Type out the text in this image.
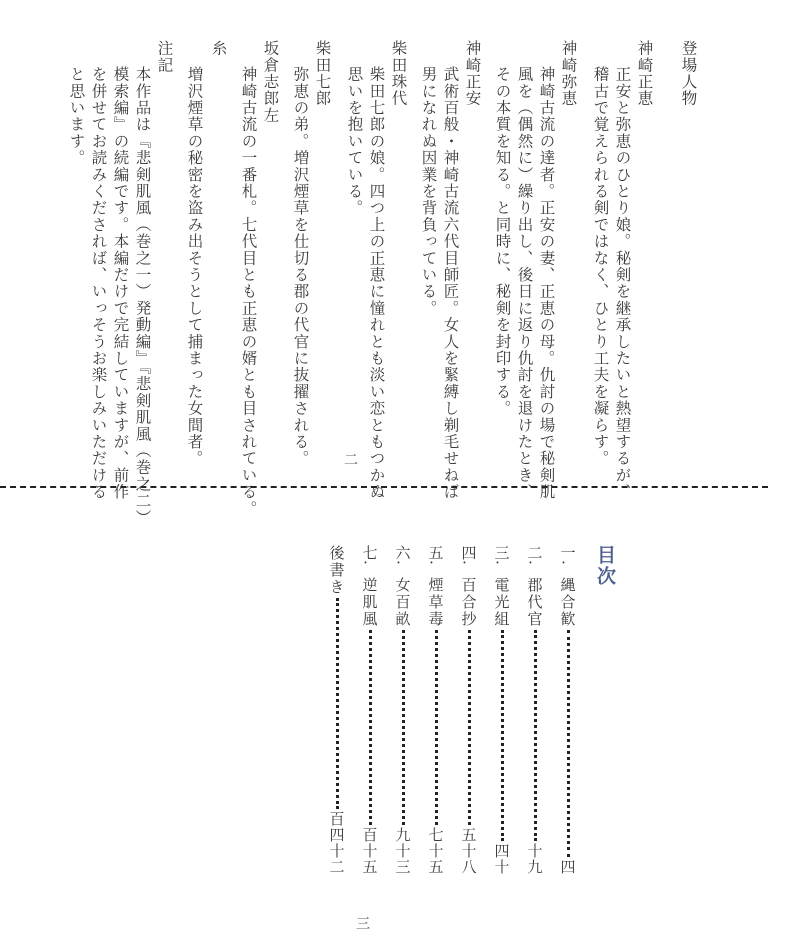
登場人物
神崎正恵
正安と弥恵のひとり娘。秘剣を継承したいと熱望するが、
稽古で覚えられる剣ではなく、ひとり工夫を凝らす。
神崎弥恵
神崎古流の達者。正安の妻、正恵の母。仇討の場で秘剣肌
風を（偶然に）繰り出し、後日に返り仇討を退けたとき、
その本質を知る。と同時に、秘剣を封印する。
神崎正安
武術百般・神崎古流六代目師匠。女人を緊縛し剃毛せねば
男になれぬ因業を背負っている。
柴田珠代
柴田七郎の娘。四つ上の正恵に憧れとも淡い恋ともつかぬ
思いを抱いている。
柴田七郎
弥恵の弟。増沢煙草を仕切る郡の代官に抜擢される。
坂倉志郎左
神崎古流の一番札。七代目とも正恵の婿とも目されている。
糸
増沢煙草の秘密を盗み出そうとして捕まった女間者。
注記
本作品は『悲剣肌風（巻之一）発動編』『悲剣肌風（巻之二）
模索編』の続編です。本編だけで完結していますが、前作
を併せてお読みくだされば、いっそうお楽しみいただける
と思います。
二
目次
一.
縄合歓
四
二.
郡代官
十九
三.
電光組
四十
四.
百合抄
五十八
五.
煙草毒
七十五
六.
女百畝
九十三
七.
逆肌風
百十五
後書き
百四十二
三
